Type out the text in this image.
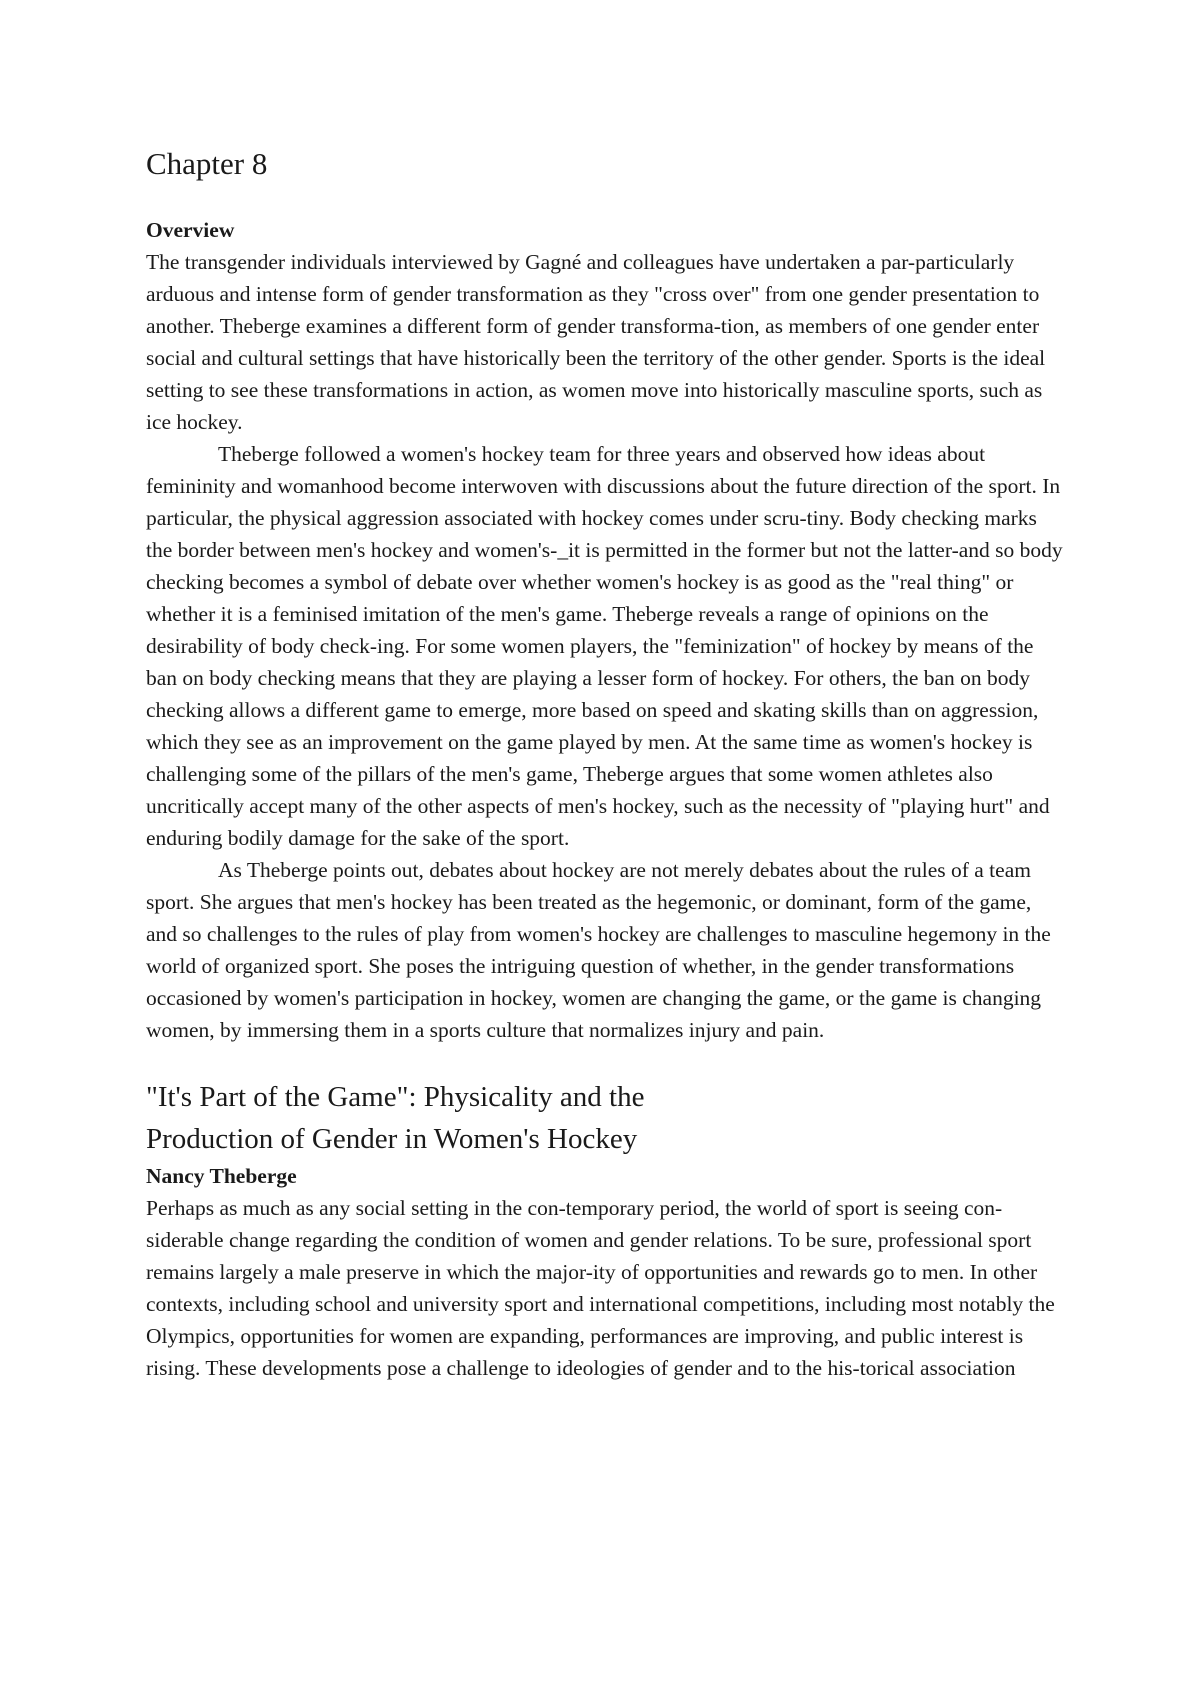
Chapter 8
Overview

The transgender individuals interviewed by Gagné and colleagues have undertaken a par-particularly arduous and intense form of gender transformation as they "cross over" from one gender presentation to another. Theberge examines a different form of gender transforma-tion, as members of one gender enter social and cultural settings that have historically been the territory of the other gender. Sports is the ideal setting to see these transformations in action, as women move into historically masculine sports, such as ice hockey.

Theberge followed a women's hockey team for three years and observed how ideas about femininity and womanhood become interwoven with discussions about the future direction of the sport. In particular, the physical aggression associated with hockey comes under scru-tiny. Body checking marks the border between men's hockey and women's-_it is permitted in the former but not the latter-and so body checking becomes a symbol of debate over whether women's hockey is as good as the "real thing" or whether it is a feminised imitation of the men's game. Theberge reveals a range of opinions on the desirability of body check-ing. For some women players, the "feminization" of hockey by means of the ban on body checking means that they are playing a lesser form of hockey. For others, the ban on body checking allows a different game to emerge, more based on speed and skating skills than on aggression, which they see as an improvement on the game played by men. At the same time as women's hockey is challenging some of the pillars of the men's game, Theberge argues that some women athletes also uncritically accept many of the other aspects of men's hockey, such as the necessity of "playing hurt" and enduring bodily damage for the sake of the sport.

As Theberge points out, debates about hockey are not merely debates about the rules of a team sport. She argues that men's hockey has been treated as the hegemonic, or dominant, form of the game, and so challenges to the rules of play from women's hockey are challenges to masculine hegemony in the world of organized sport. She poses the intriguing question of whether, in the gender transformations occasioned by women's participation in hockey, women are changing the game, or the game is changing women, by immersing them in a sports culture that normalizes injury and pain.

"It's Part of the Game": Physicality and the
Production of Gender in Women's Hockey

Nancy Theberge

Perhaps as much as any social setting in the con-temporary period, the world of sport is seeing con-siderable change regarding the condition of women and gender relations. To be sure, professional sport remains largely a male preserve in which the major-ity of opportunities and rewards go to men. In other contexts, including school and university sport and international competitions, including most notably the Olympics, opportunities for women are expanding, performances are improving, and public interest is rising. These developments pose a challenge to ideologies of gender and to the his-torical association
